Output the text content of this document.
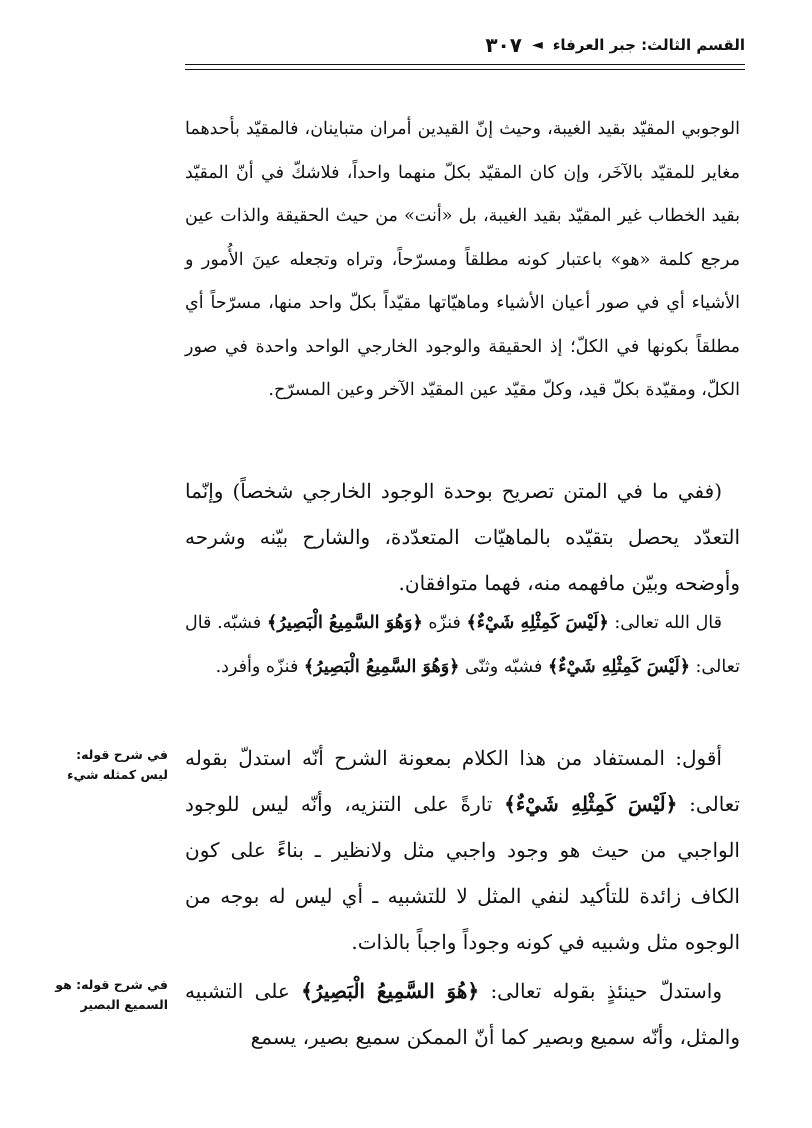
القسم الثالث: جبر العرفاء
◄
٣٠٧

الوجوبي المقيّد بقيد الغيبة، وحيث إنّ القيدين أمران متباينان، فالمقيّد بأحدهما مغاير للمقيّد بالآخَر، وإن كان المقيّد بكلّ منهما واحداً، فلاشكّ في أنّ المقيّد بقيد الخطاب غير المقيّد بقيد الغيبة، بل «أنت» من حيث الحقيقة والذات عين مرجع كلمة «هو» باعتبار كونه مطلقاً ومسرّحاً، وتراه وتجعله عينَ الأُمور و الأشياء أي في صور أعيان الأشياء وماهيّاتها مقيّداً بكلّ واحد منها، مسرّحاً أي مطلقاً بكونها في الكلّ؛ إذ الحقيقة والوجود الخارجي الواحد واحدة في صور الكلّ، ومقيّدة بكلّ قيد، وكلّ مقيّد عين المقيّد الآخر وعين المسرّح.

(ففي ما في المتن تصريح بوحدة الوجود الخارجي شخصاً) وإنّما التعدّد يحصل بتقيّده بالماهيّات المتعدّدة، والشارح بيّنه وشرحه وأوضحه وبيّن مافهمه منه، فهما متوافقان.

قال الله تعالى: ﴿لَيْسَ كَمِثْلِهِ شَيْءٌ﴾ فنزّه ﴿وَهُوَ السَّمِيعُ الْبَصِيرُ﴾ فشبّه. قال تعالى: ﴿لَيْسَ كَمِثْلِهِ شَيْءٌ﴾ فشبّه وثنّى ﴿وَهُوَ السَّمِيعُ الْبَصِيرُ﴾ فنزّه وأفرد.

أقول: المستفاد من هذا الكلام بمعونة الشرح أنّه استدلّ بقوله تعالى: ﴿لَيْسَ كَمِثْلِهِ شَيْءٌ﴾ تارةً على التنزيه، وأنّه ليس للوجود الواجبي من حيث هو وجود واجبي مثل ولانظير ـ بناءً على كون الكاف زائدة للتأكيد لنفي المثل لا للتشبيه ـ أي ليس له بوجه من الوجوه مثل وشبيه في كونه وجوداً واجباً بالذات.

واستدلّ حينئذٍ بقوله تعالى: ﴿هُوَ السَّمِيعُ الْبَصِيرُ﴾ على التشبيه والمثل، وأنّه سميع وبصير كما أنّ الممكن سميع بصير، يسمع

في شرح قوله: ليس كمثله شيء
في شرح قوله: هو السميع البصير
